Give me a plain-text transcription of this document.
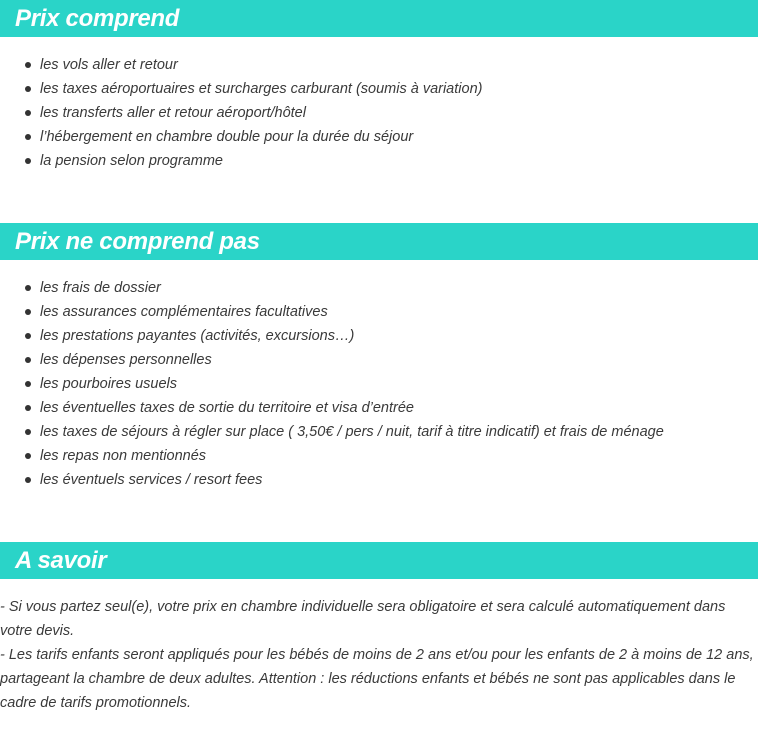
Prix comprend
les vols aller et retour
les taxes aéroportuaires et surcharges carburant (soumis à variation)
les transferts aller et retour aéroport/hôtel
l’hébergement en chambre double pour la durée du séjour
la pension selon programme
Prix ne comprend pas
les frais de dossier
les assurances complémentaires facultatives
les prestations payantes (activités, excursions…)
les dépenses personnelles
les pourboires usuels
les éventuelles taxes de sortie du territoire et visa d’entrée
les taxes de séjours à régler sur place ( 3,50€ / pers / nuit, tarif à titre indicatif) et frais de ménage
les repas non mentionnés
les éventuels services / resort fees
A savoir

- Si vous partez seul(e), votre prix en chambre individuelle sera obligatoire et sera calculé automatiquement dans votre devis.

- Les tarifs enfants seront appliqués pour les bébés de moins de 2 ans et/ou pour les enfants de 2 à moins de 12 ans, partageant la chambre de deux adultes. Attention : les réductions enfants et bébés ne sont pas applicables dans le cadre de tarifs promotionnels.
